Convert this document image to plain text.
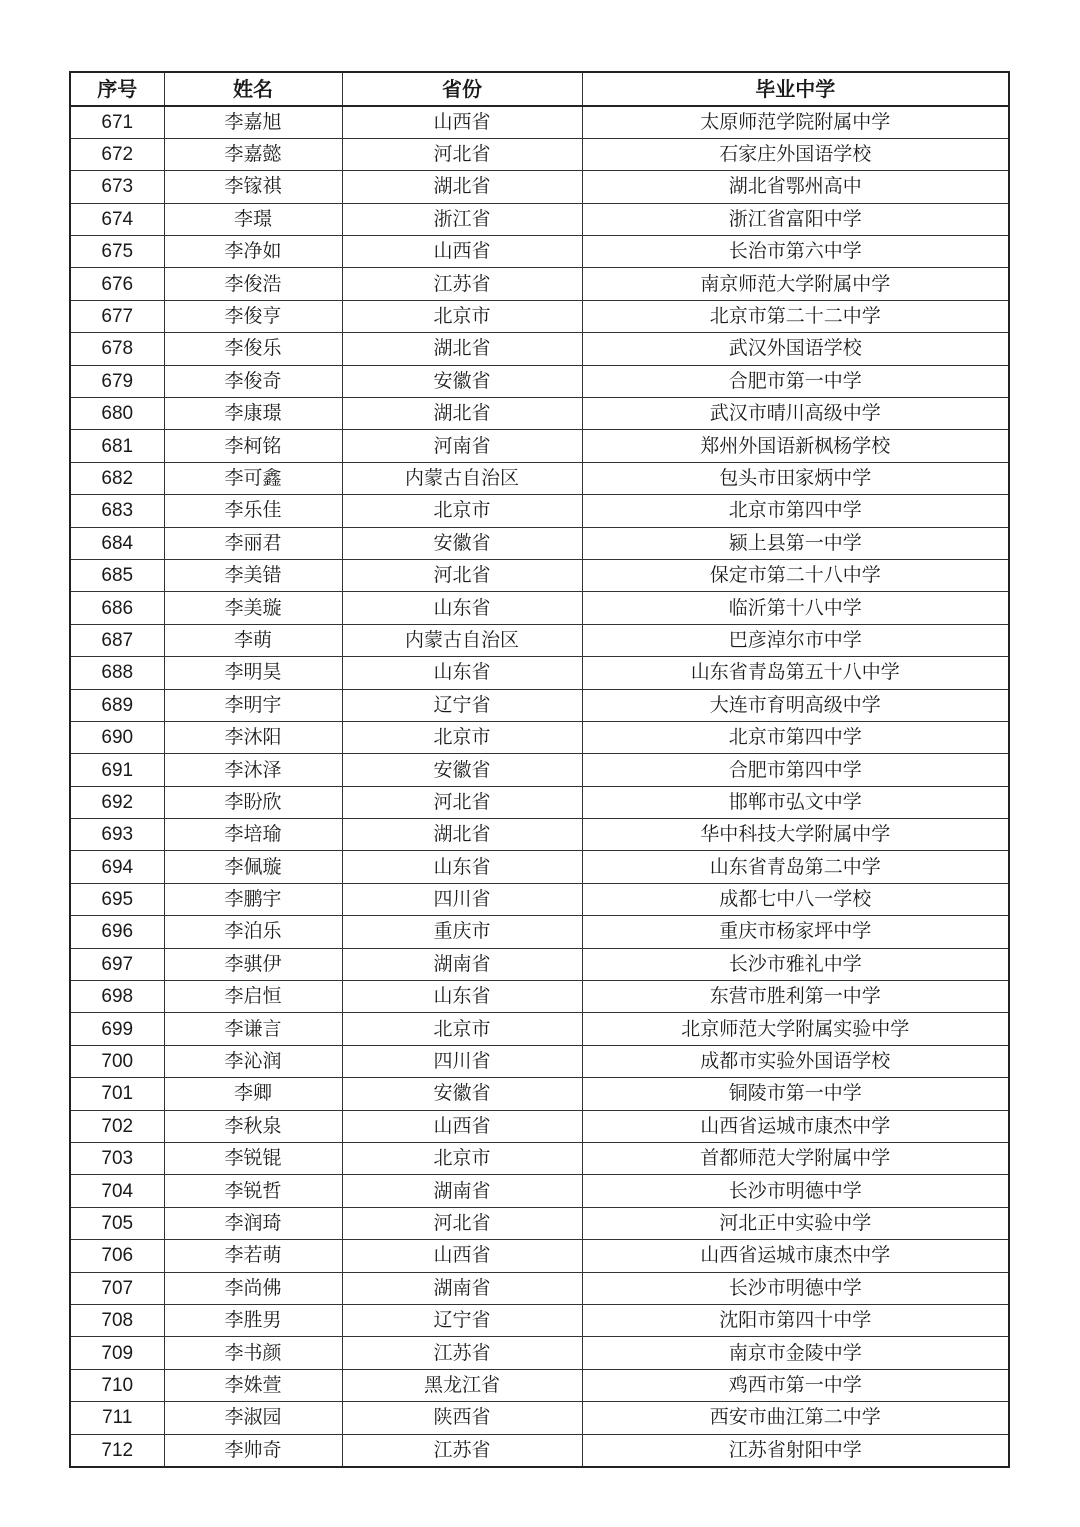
序号	姓名	省份	毕业中学
671	李嘉旭	山西省	太原师范学院附属中学
672	李嘉懿	河北省	石家庄外国语学校
673	李镓祺	湖北省	湖北省鄂州高中
674	李璟	浙江省	浙江省富阳中学
675	李净如	山西省	长治市第六中学
676	李俊浩	江苏省	南京师范大学附属中学
677	李俊亨	北京市	北京市第二十二中学
678	李俊乐	湖北省	武汉外国语学校
679	李俊奇	安徽省	合肥市第一中学
680	李康璟	湖北省	武汉市晴川高级中学
681	李柯铭	河南省	郑州外国语新枫杨学校
682	李可鑫	内蒙古自治区	包头市田家炳中学
683	李乐佳	北京市	北京市第四中学
684	李丽君	安徽省	颍上县第一中学
685	李美错	河北省	保定市第二十八中学
686	李美璇	山东省	临沂第十八中学
687	李萌	内蒙古自治区	巴彦淖尔市中学
688	李明昊	山东省	山东省青岛第五十八中学
689	李明宇	辽宁省	大连市育明高级中学
690	李沐阳	北京市	北京市第四中学
691	李沐泽	安徽省	合肥市第四中学
692	李盼欣	河北省	邯郸市弘文中学
693	李培瑜	湖北省	华中科技大学附属中学
694	李佩璇	山东省	山东省青岛第二中学
695	李鹏宇	四川省	成都七中八一学校
696	李泊乐	重庆市	重庆市杨家坪中学
697	李骐伊	湖南省	长沙市雅礼中学
698	李启恒	山东省	东营市胜利第一中学
699	李谦言	北京市	北京师范大学附属实验中学
700	李沁润	四川省	成都市实验外国语学校
701	李卿	安徽省	铜陵市第一中学
702	李秋泉	山西省	山西省运城市康杰中学
703	李锐锟	北京市	首都师范大学附属中学
704	李锐哲	湖南省	长沙市明德中学
705	李润琦	河北省	河北正中实验中学
706	李若萌	山西省	山西省运城市康杰中学
707	李尚佛	湖南省	长沙市明德中学
708	李胜男	辽宁省	沈阳市第四十中学
709	李书颜	江苏省	南京市金陵中学
710	李姝萱	黑龙江省	鸡西市第一中学
711	李淑园	陕西省	西安市曲江第二中学
712	李帅奇	江苏省	江苏省射阳中学
